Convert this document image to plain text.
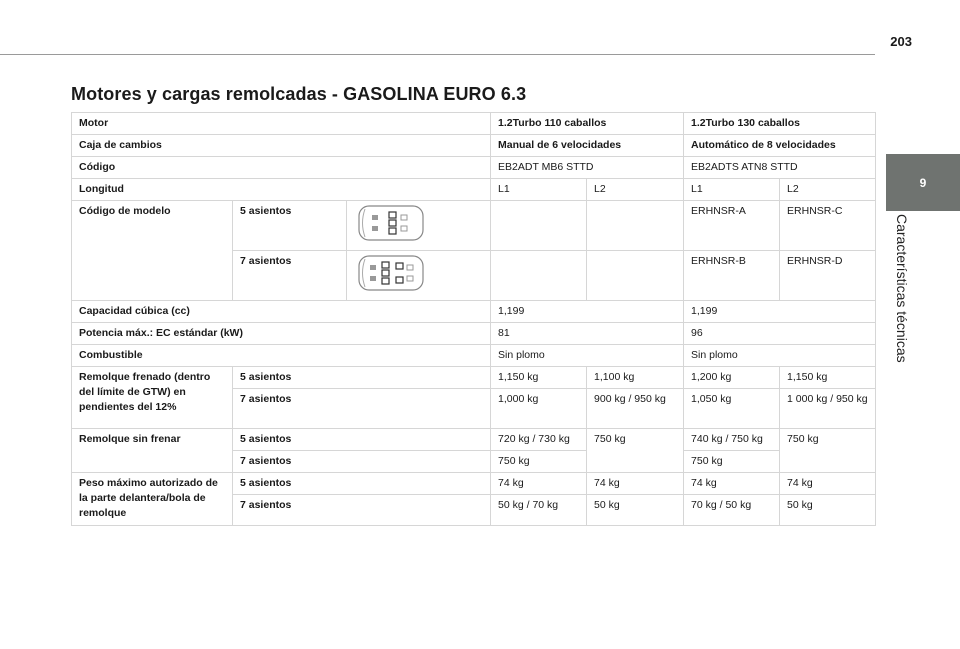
203
Motores y cargas remolcadas - GASOLINA EURO 6.3
9
Características técnicas
Motor			1.2Turbo 110 caballos		1.2Turbo 130 caballos	
Caja de cambios			Manual de 6 velocidades		Automático de 8 velocidades	
Código			EB2ADT MB6 STTD		EB2ADTS ATN8 STTD	
Longitud			L1	L2	L1	L2
Código de modelo	5 asientos				ERHNSR-A	ERHNSR-C
	7 asientos				ERHNSR-B	ERHNSR-D
Capacidad cúbica (cc)			1,199		1,199	
Potencia máx.: EC estándar (kW)			81		96	
Combustible			Sin plomo		Sin plomo	
Remolque frenado (dentro del límite de GTW) en pendientes del 12%	5 asientos		1,150 kg	1,100 kg	1,200 kg	1,150 kg
	7 asientos		1,000 kg	900 kg / 950 kg	1,050 kg	1 000 kg / 950 kg
Remolque sin frenar	5 asientos		720 kg / 730 kg	750 kg	740 kg / 750 kg	750 kg
	7 asientos		750 kg		750 kg	
Peso máximo autorizado de la parte delantera/bola de remolque	5 asientos		74 kg	74 kg	74 kg	74 kg
	7 asientos		50 kg / 70 kg	50 kg	70 kg / 50 kg	50 kg
